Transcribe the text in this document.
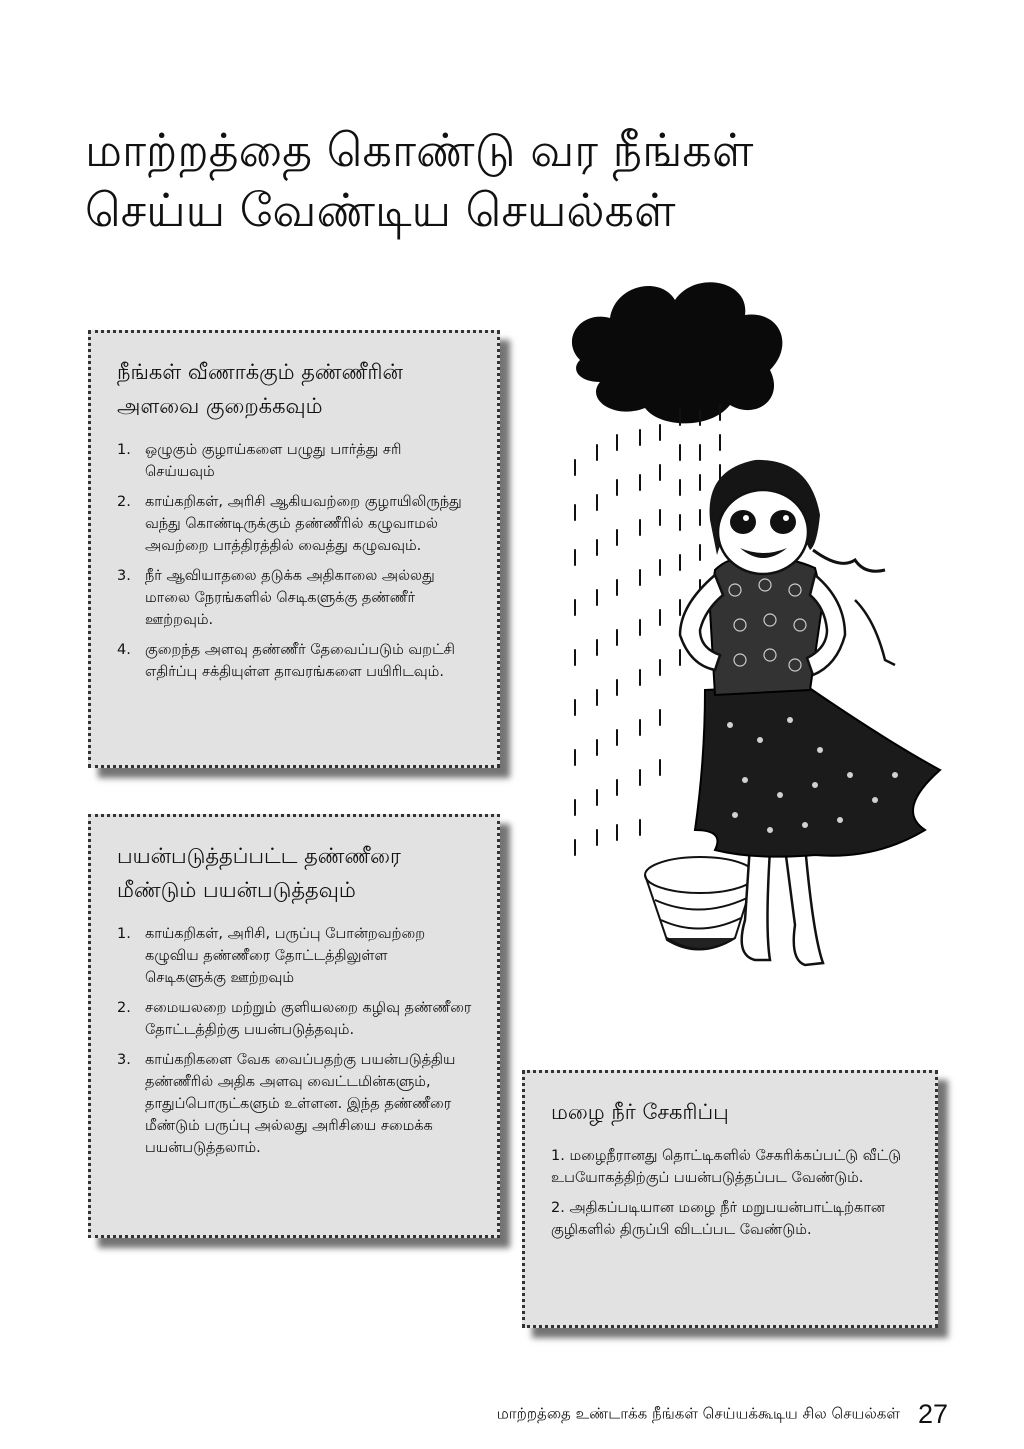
மாற்றத்தை கொண்டு வர நீங்கள்
செய்ய வேண்டிய செயல்கள்
நீங்கள் வீணாக்கும் தண்ணீரின் அளவை குறைக்கவும்
1. ஒழுகும் குழாய்களை பழுது பார்த்து சரி செய்யவும்
2. காய்கறிகள், அரிசி ஆகியவற்றை குழாயிலிருந்து வந்து கொண்டிருக்கும் தண்ணீரில் கழுவாமல் அவற்றை பாத்திரத்தில் வைத்து கழுவவும்.
3. நீர் ஆவியாதலை தடுக்க அதிகாலை அல்லது மாலை நேரங்களில் செடிகளுக்கு தண்ணீர் ஊற்றவும்.
4. குறைந்த அளவு தண்ணீர் தேவைப்படும் வறட்சி எதிர்ப்பு சக்தியுள்ள தாவரங்களை பயிரிடவும்.
பயன்படுத்தப்பட்ட தண்ணீரை மீண்டும் பயன்படுத்தவும்
1. காய்கறிகள், அரிசி, பருப்பு போன்றவற்றை கழுவிய தண்ணீரை தோட்டத்திலுள்ள செடிகளுக்கு ஊற்றவும்
2. சமையலறை மற்றும் குளியலறை கழிவு தண்ணீரை தோட்டத்திற்கு பயன்படுத்தவும்.
3. காய்கறிகளை வேக வைப்பதற்கு பயன்படுத்திய தண்ணீரில் அதிக அளவு வைட்டமின்களும், தாதுப்பொருட்களும் உள்ளன. இந்த தண்ணீரை மீண்டும் பருப்பு அல்லது அரிசியை சமைக்க பயன்படுத்தலாம்.
மழை நீர் சேகரிப்பு
1. மழைநீரானது தொட்டிகளில் சேகரிக்கப்பட்டு வீட்டு உபயோகத்திற்குப் பயன்படுத்தப்பட வேண்டும்.
2. அதிகப்படியான மழை நீர் மறுபயன்பாட்டிற்கான குழிகளில் திருப்பி விடப்பட வேண்டும்.
மாற்றத்தை உண்டாக்க நீங்கள் செய்யக்கூடிய சில செயல்கள் 27
